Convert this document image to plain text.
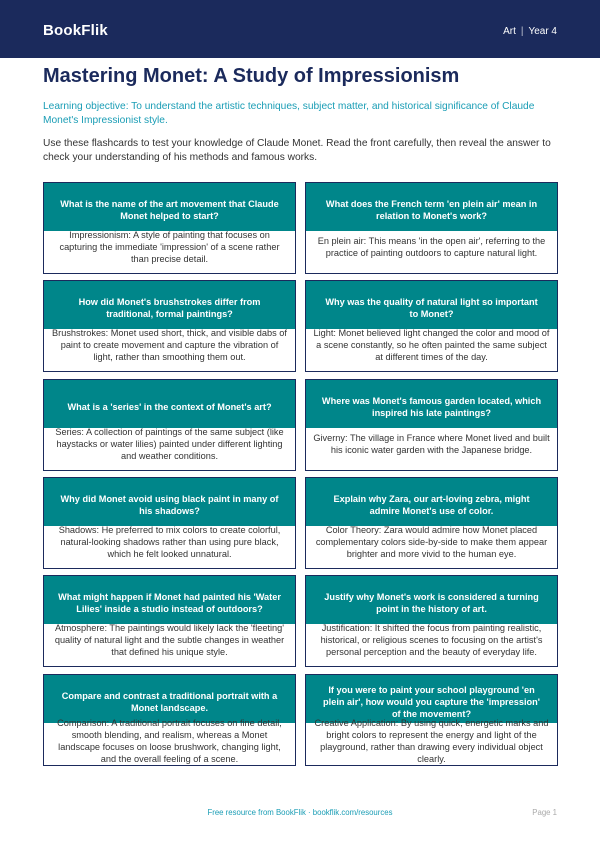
BookFlik	Art | Year 4
Mastering Monet: A Study of Impressionism
Learning objective: To understand the artistic techniques, subject matter, and historical significance of Claude Monet's Impressionist style.
Use these flashcards to test your knowledge of Claude Monet. Read the front carefully, then reveal the answer to check your understanding of his methods and famous works.
What is the name of the art movement that Claude Monet helped to start?
Impressionism: A style of painting that focuses on capturing the immediate 'impression' of a scene rather than precise detail.
What does the French term 'en plein air' mean in relation to Monet's work?
En plein air: This means 'in the open air', referring to the practice of painting outdoors to capture natural light.
How did Monet's brushstrokes differ from traditional, formal paintings?
Brushstrokes: Monet used short, thick, and visible dabs of paint to create movement and capture the vibration of light, rather than smoothing them out.
Why was the quality of natural light so important to Monet?
Light: Monet believed light changed the color and mood of a scene constantly, so he often painted the same subject at different times of the day.
What is a 'series' in the context of Monet's art?
Series: A collection of paintings of the same subject (like haystacks or water lilies) painted under different lighting and weather conditions.
Where was Monet's famous garden located, which inspired his late paintings?
Giverny: The village in France where Monet lived and built his iconic water garden with the Japanese bridge.
Why did Monet avoid using black paint in many of his shadows?
Shadows: He preferred to mix colors to create colorful, natural-looking shadows rather than using pure black, which he felt looked unnatural.
Explain why Zara, our art-loving zebra, might admire Monet's use of color.
Color Theory: Zara would admire how Monet placed complementary colors side-by-side to make them appear brighter and more vivid to the human eye.
What might happen if Monet had painted his 'Water Lilies' inside a studio instead of outdoors?
Atmosphere: The paintings would likely lack the 'fleeting' quality of natural light and the subtle changes in weather that defined his unique style.
Justify why Monet's work is considered a turning point in the history of art.
Justification: It shifted the focus from painting realistic, historical, or religious scenes to focusing on the artist's personal perception and the beauty of everyday life.
Compare and contrast a traditional portrait with a Monet landscape.
Comparison: A traditional portrait focuses on fine detail, smooth blending, and realism, whereas a Monet landscape focuses on loose brushwork, changing light, and the overall feeling of a scene.
If you were to paint your school playground 'en plein air', how would you capture the 'impression' of the movement?
Creative Application: By using quick, energetic marks and bright colors to represent the energy and light of the playground, rather than drawing every individual object clearly.
Free resource from BookFlik · bookflik.com/resources	Page 1
